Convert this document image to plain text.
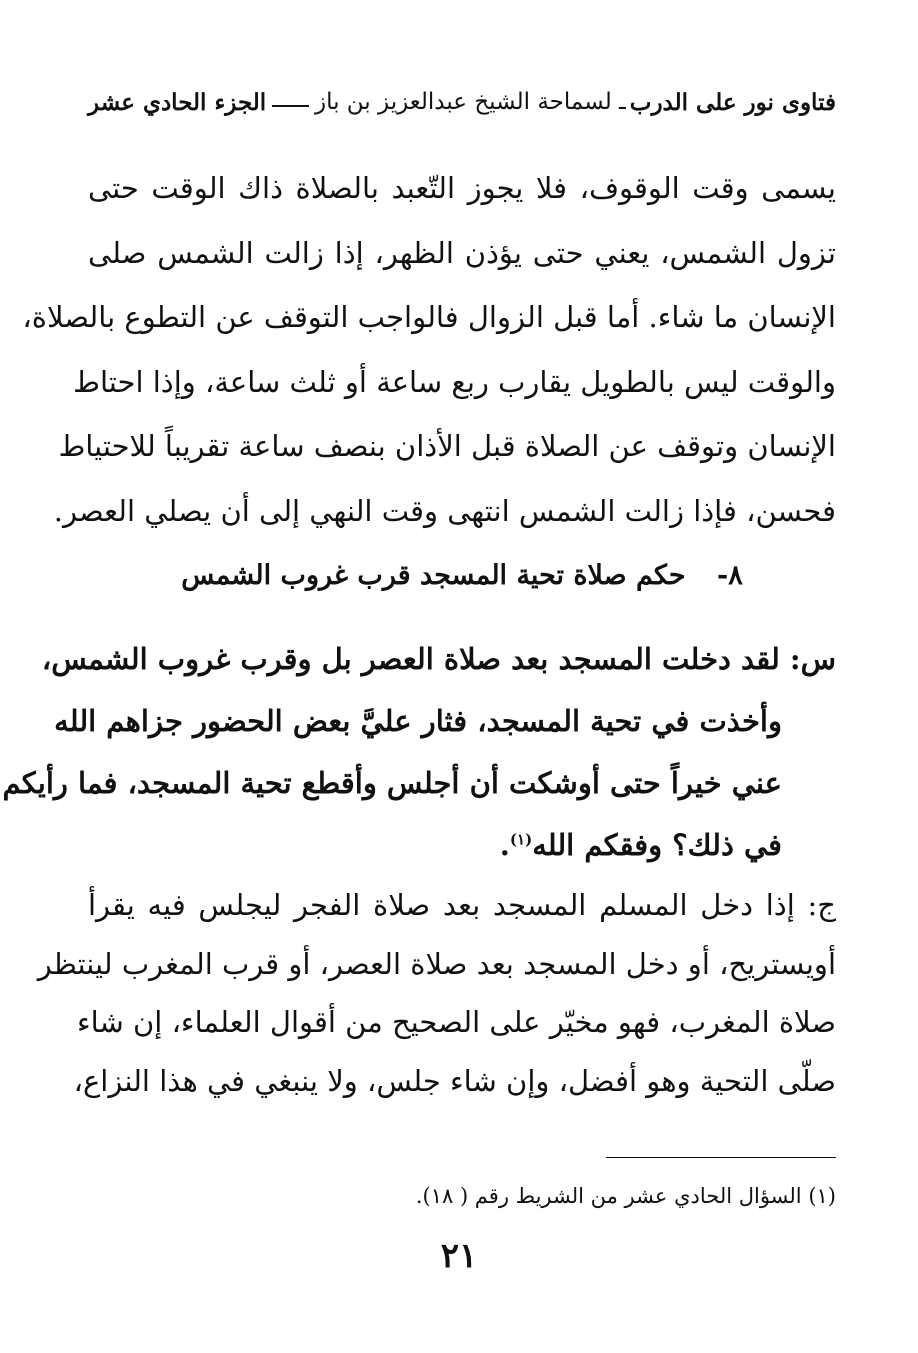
فتاوى نور على الدرب
ـ لسماحة الشيخ عبدالعزيز بن باز
الجزء الحادي عشر
يسمى وقت الوقوف، فلا يجوز التّعبد بالصلاة ذاك الوقت حتى
تزول الشمس، يعني حتى يؤذن الظهر، إذا زالت الشمس صلى
الإنسان ما شاء. أما قبل الزوال فالواجب التوقف عن التطوع بالصلاة،
والوقت ليس بالطويل يقارب ربع ساعة أو ثلث ساعة، وإذا احتاط
الإنسان وتوقف عن الصلاة قبل الأذان بنصف ساعة تقريباً للاحتياط
فحسن، فإذا زالت الشمس انتهى وقت النهي إلى أن يصلي العصر.
٨- حكم صلاة تحية المسجد قرب غروب الشمس
س: لقد دخلت المسجد بعد صلاة العصر بل وقرب غروب الشمس،
وأخذت في تحية المسجد، فثار عليَّ بعض الحضور جزاهم الله
عني خيراً حتى أوشكت أن أجلس وأقطع تحية المسجد، فما رأيكم
في ذلك؟ وفقكم الله$^{(١)}$.
ج: إذا دخل المسلم المسجد بعد صلاة الفجر ليجلس فيه يقرأ
أويستريح، أو دخل المسجد بعد صلاة العصر، أو قرب المغرب لينتظر
صلاة المغرب، فهو مخيّر على الصحيح من أقوال العلماء، إن شاء
صلّى التحية وهو أفضل، وإن شاء جلس، ولا ينبغي في هذا النزاع،
(١) السؤال الحادي عشر من الشريط رقم ( ١٨).
٢١
